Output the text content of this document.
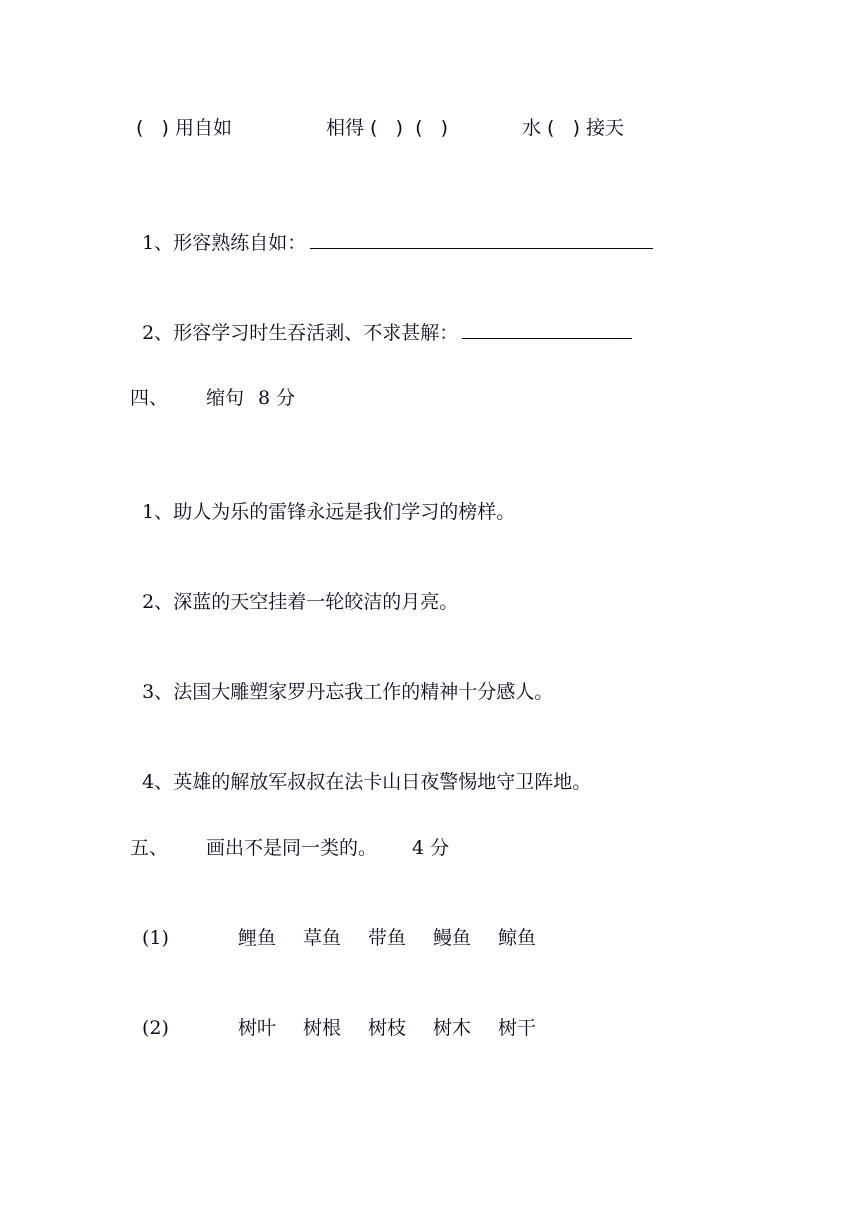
(   ) 用自如

	相得 (   )  (   )

	水 (   ) 接天

1、形容熟练自如：

2、形容学习时生吞活剥、不求甚解：

四、

缩句

8 分

1、助人为乐的雷锋永远是我们学习的榜样。

2、深蓝的天空挂着一轮皎洁的月亮。

3、法国大雕塑家罗丹忘我工作的精神十分感人。

4、英雄的解放军叔叔在法卡山日夜警惕地守卫阵地。

五、

画出不是同一类的。

4 分

(1)

	鲤鱼

草鱼

带鱼

鳗鱼

鲸鱼

(2)

	树叶

树根

树枝

树木

树干
